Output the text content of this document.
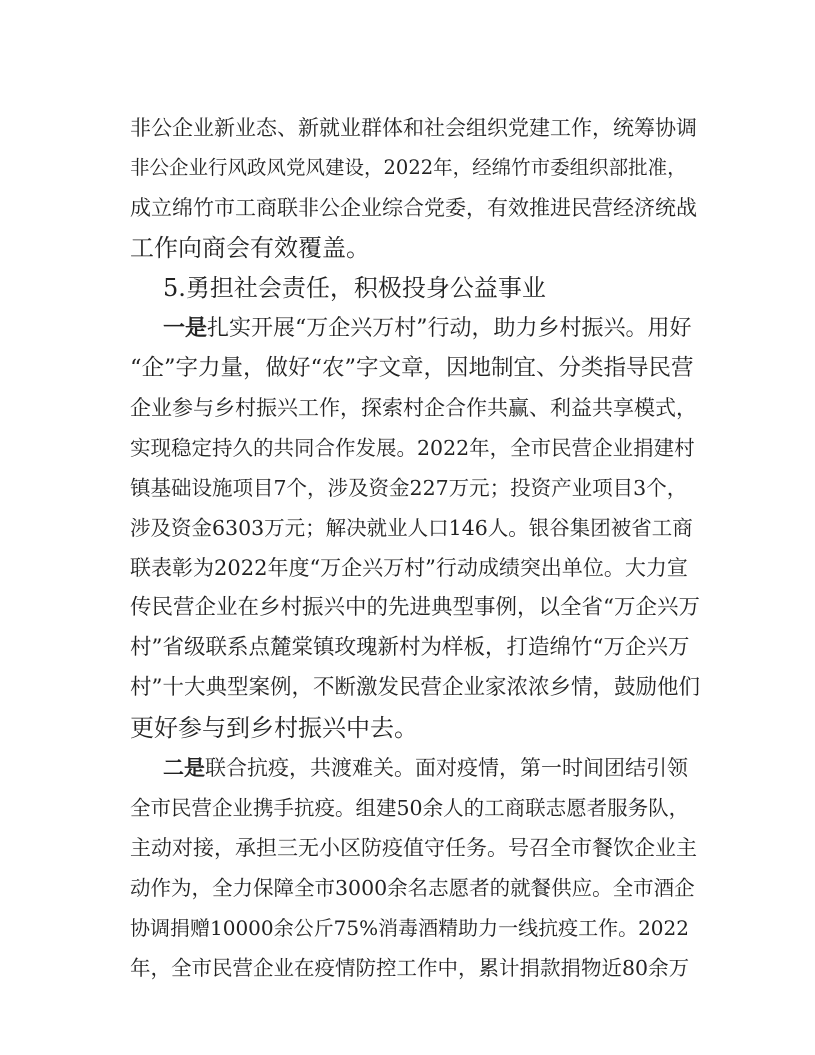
非公企业新业态、新就业群体和社会组织党建工作，统筹协调
非公企业行风政风党风建设，2022年，经绵竹市委组织部批准，
成立绵竹市工商联非公企业综合党委，有效推进民营经济统战
工作向商会有效覆盖。
5.勇担社会责任，积极投身公益事业
一是扎实开展“万企兴万村”行动，助力乡村振兴。用好
“企”字力量，做好“农”字文章，因地制宜、分类指导民营
企业参与乡村振兴工作，探索村企合作共赢、利益共享模式，
实现稳定持久的共同合作发展。2022年，全市民营企业捐建村
镇基础设施项目7个，涉及资金227万元；投资产业项目3个，
涉及资金6303万元；解决就业人口146人。银谷集团被省工商
联表彰为2022年度“万企兴万村”行动成绩突出单位。大力宣
传民营企业在乡村振兴中的先进典型事例，以全省“万企兴万
村”省级联系点麓棠镇玫瑰新村为样板，打造绵竹“万企兴万
村”十大典型案例，不断激发民营企业家浓浓乡情，鼓励他们
更好参与到乡村振兴中去。
二是联合抗疫，共渡难关。面对疫情，第一时间团结引领
全市民营企业携手抗疫。组建50余人的工商联志愿者服务队，
主动对接，承担三无小区防疫值守任务。号召全市餐饮企业主
动作为，全力保障全市3000余名志愿者的就餐供应。全市酒企
协调捐赠10000余公斤75%消毒酒精助力一线抗疫工作。2022
年，全市民营企业在疫情防控工作中，累计捐款捐物近80余万
